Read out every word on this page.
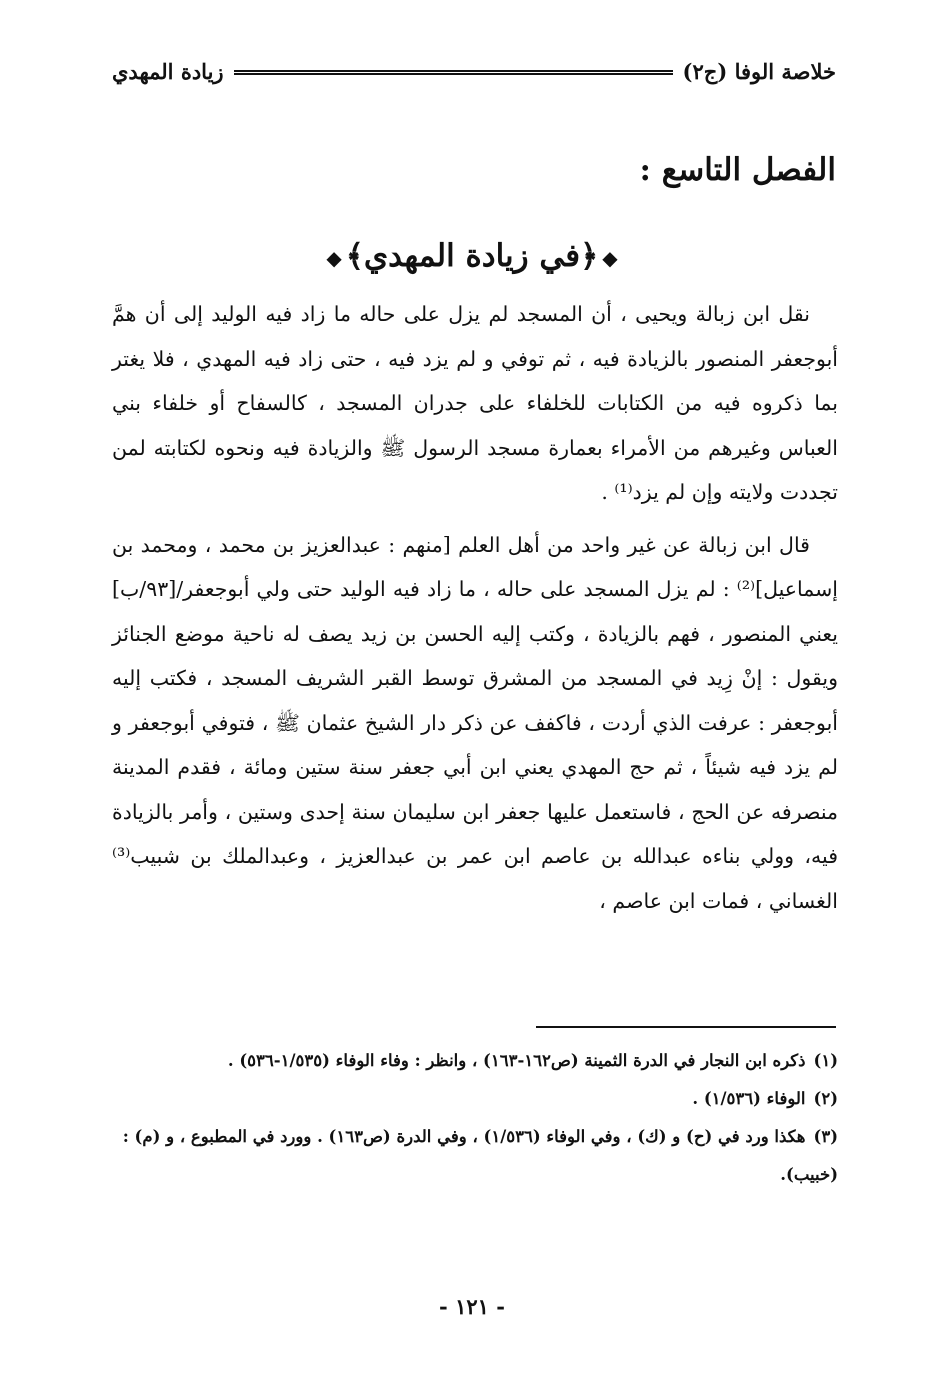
خلاصة الوفا (ج٢)
زيادة المهدي
الفصل التاسع :
◆﴿في زيادة المهدي﴾◆

نقل ابن زبالة ويحيى ، أن المسجد لم يزل على حاله ما زاد فيه الوليد إلى أن همَّ أبوجعفر المنصور بالزيادة فيه ، ثم توفي و لم يزد فيه ، حتى زاد فيه المهدي ، فلا يغتر بما ذكروه فيه من الكتابات للخلفاء على جدران المسجد ، كالسفاح أو خلفاء بني العباس وغيرهم من الأمراء بعمارة مسجد الرسول ﷺ والزيادة فيه ونحوه لكتابته لمن تجددت ولايته وإن لم يزد⁽¹⁾ .

قال ابن زبالة عن غير واحد من أهل العلم [منهم : عبدالعزيز بن محمد ، ومحمد بن إسماعيل]⁽²⁾ : لم يزل المسجد على حاله ، ما زاد فيه الوليد حتى ولي أبوجعفر/[٩٣/ب] يعني المنصور ، فهم بالزيادة ، وكتب إليه الحسن بن زيد يصف له ناحية موضع الجنائز ويقول : إنْ زِيد في المسجد من المشرق توسط القبر الشريف المسجد ، فكتب إليه أبوجعفر : عرفت الذي أردت ، فاكفف عن ذكر دار الشيخ عثمان ﷺ ، فتوفي أبوجعفر و لم يزد فيه شيئاً ، ثم حج المهدي يعني ابن أبي جعفر سنة ستين ومائة ، فقدم المدينة منصرفه عن الحج ، فاستعمل عليها جعفر ابن سليمان سنة إحدى وستين ، وأمر بالزيادة فيه، وولي بناءه عبدالله بن عاصم ابن عمر بن عبدالعزيز ، وعبدالملك بن شبيب⁽³⁾ الغساني ، فمات ابن عاصم ،

(١)ذكره ابن النجار في الدرة الثمينة (ص١٦٢-١٦٣) ، وانظر : وفاء الوفاء (١/٥٣٥-٥٣٦) .

(٢)الوفاء (١/٥٣٦) .

(٣)هكذا ورد في (ح) و (ك) ، وفي الوفاء (١/٥٣٦) ، وفي الدرة (ص١٦٣) . وورد في المطبوع ، و (م) : (خبيب).

- ١٢١ -
